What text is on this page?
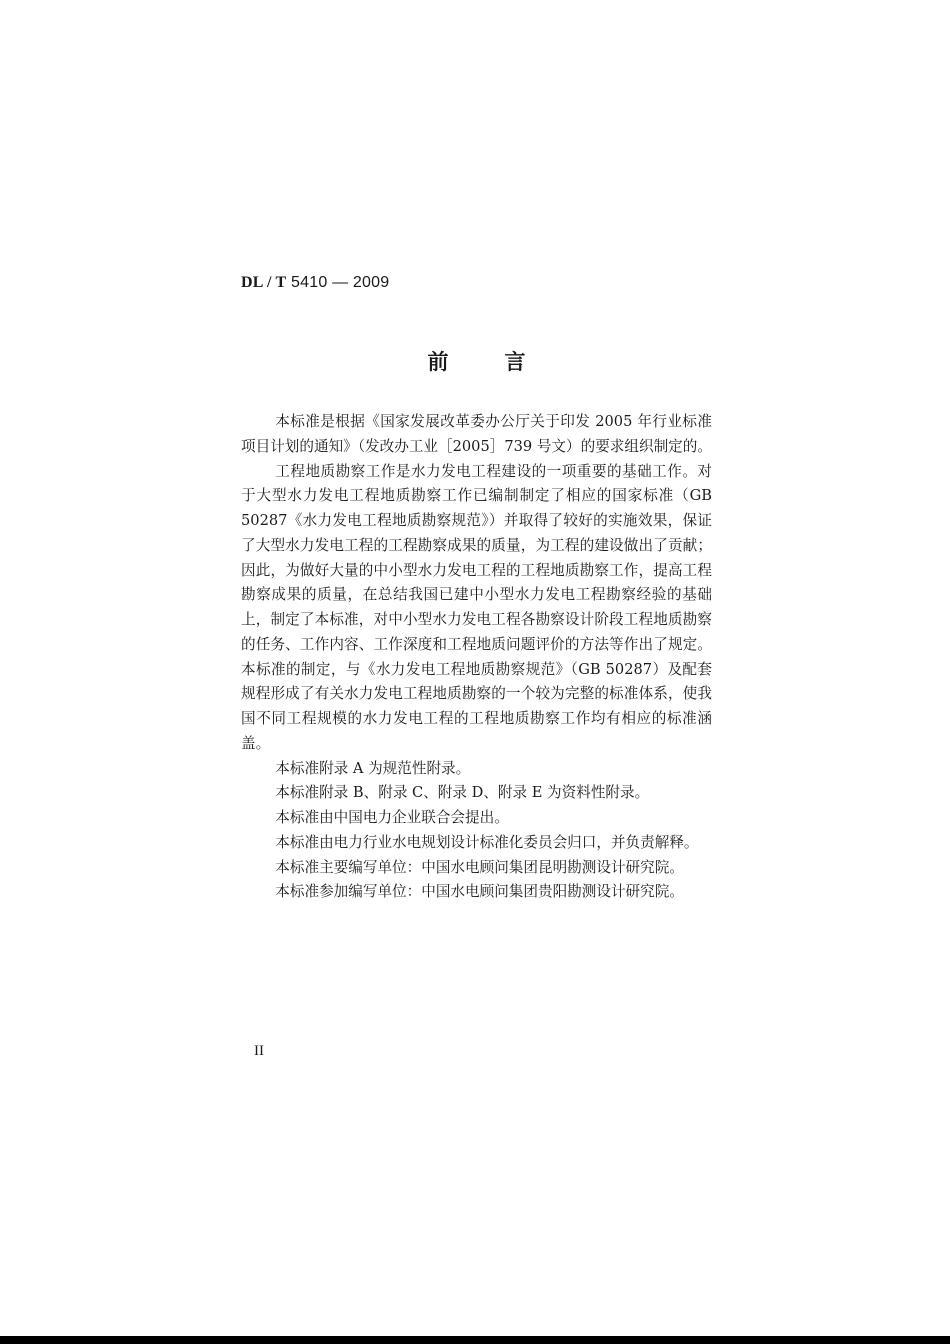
DL / T 5410 — 2009
前	言

本标准是根据《国家发展改革委办公厅关于印发 2005 年行业标准项目计划的通知》（发改办工业［2005］739 号文）的要求组织制定的。

工程地质勘察工作是水力发电工程建设的一项重要的基础工作。对于大型水力发电工程地质勘察工作已编制制定了相应的国家标准（GB 50287《水力发电工程地质勘察规范》）并取得了较好的实施效果，保证了大型水力发电工程的工程勘察成果的质量，为工程的建设做出了贡献；因此，为做好大量的中小型水力发电工程的工程地质勘察工作，提高工程勘察成果的质量，在总结我国已建中小型水力发电工程勘察经验的基础上，制定了本标准，对中小型水力发电工程各勘察设计阶段工程地质勘察的任务、工作内容、工作深度和工程地质问题评价的方法等作出了规定。本标准的制定，与《水力发电工程地质勘察规范》（GB 50287）及配套规程形成了有关水力发电工程地质勘察的一个较为完整的标准体系，使我国不同工程规模的水力发电工程的工程地质勘察工作均有相应的标准涵盖。

本标准附录 A 为规范性附录。

本标准附录 B、附录 C、附录 D、附录 E 为资料性附录。

本标准由中国电力企业联合会提出。

本标准由电力行业水电规划设计标准化委员会归口，并负责解释。

本标准主要编写单位：中国水电顾问集团昆明勘测设计研究院。

本标准参加编写单位：中国水电顾问集团贵阳勘测设计研究院。

II
